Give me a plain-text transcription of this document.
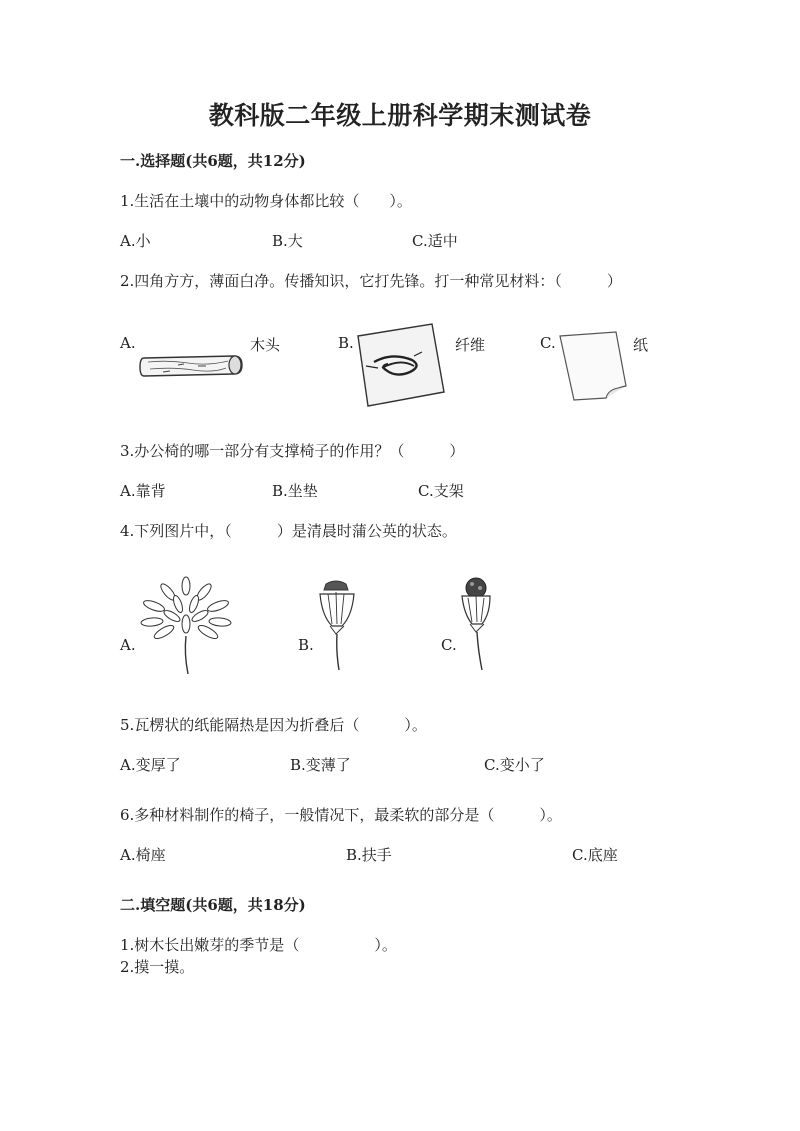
教科版二年级上册科学期末测试卷
一.选择题(共6题，共12分)
1.生活在土壤中的动物身体都比较（　　）。
A.小	B.大	C.适中
2.四角方方，薄面白净。传播知识，它打先锋。打一种常见材料：（　　　）
A.	木头	B.	纤维	C.	纸
3.办公椅的哪一部分有支撑椅子的作用？（　　　）
A.靠背	B.坐垫	C.支架
4.下列图片中，（　　　）是清晨时蒲公英的状态。
A.	B.	C.
5.瓦楞状的纸能隔热是因为折叠后（　　　）。
A.变厚了	B.变薄了	C.变小了
6.多种材料制作的椅子，一般情况下，最柔软的部分是（　　　）。
A.椅座	B.扶手	C.底座
二.填空题(共6题，共18分)
1.树木长出嫩芽的季节是（　　　　　）。
2.摸一摸。
